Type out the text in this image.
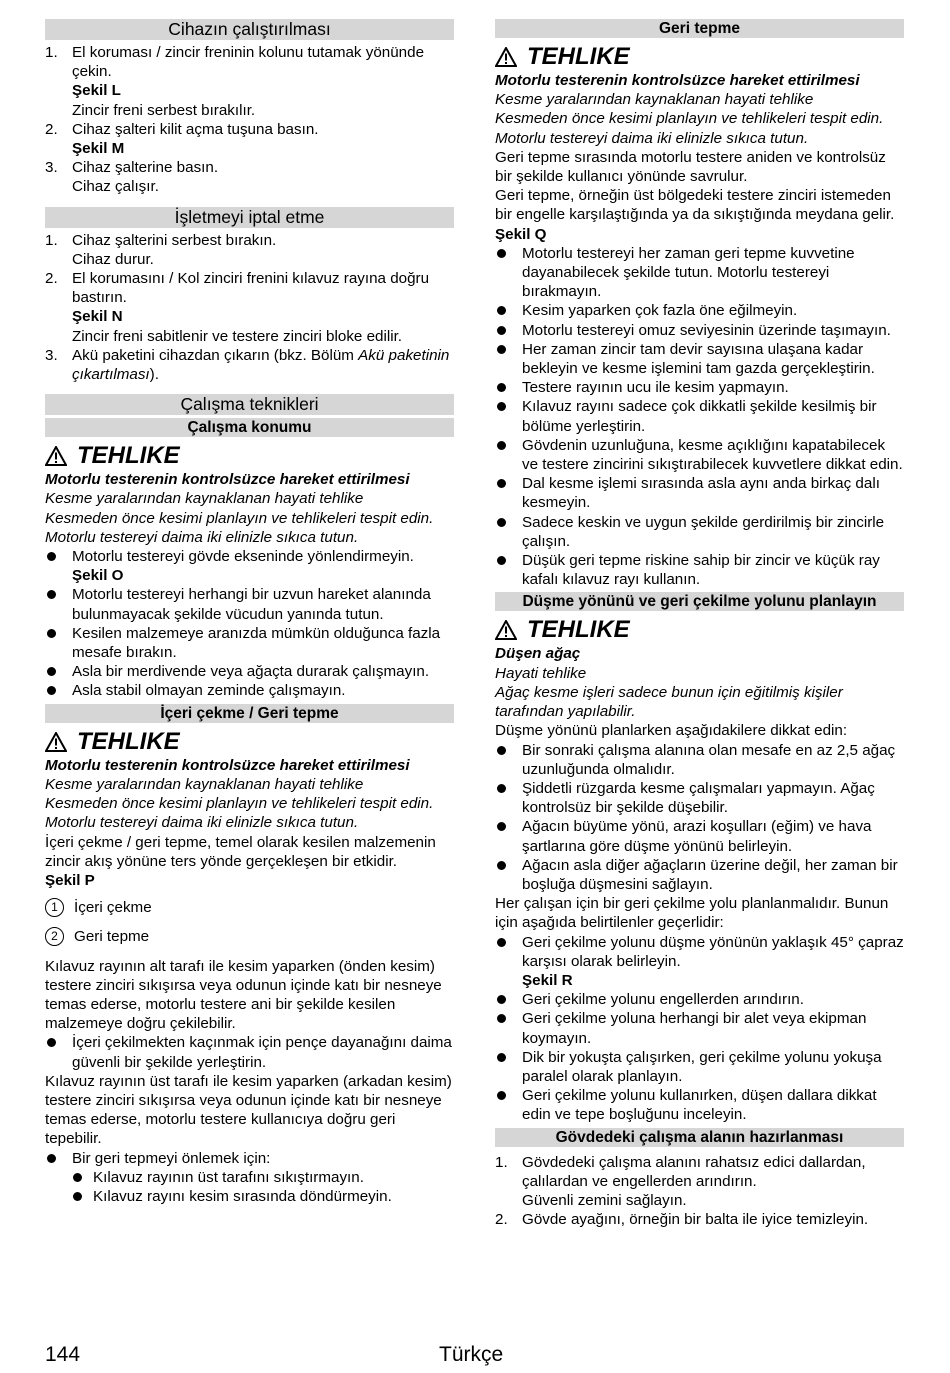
Cihazın çalıştırılması
1. El koruması / zincir freninin kolunu tutamak yönünde çekin.
Şekil L
Zincir freni serbest bırakılır.
2. Cihaz şalteri kilit açma tuşuna basın.
Şekil M
3. Cihaz şalterine basın.
Cihaz çalışır.
İşletmeyi iptal etme
1. Cihaz şalterini serbest bırakın.
Cihaz durur.
2. El korumasını / Kol zinciri frenini kılavuz rayına doğru bastırın.
Şekil N
Zincir freni sabitlenir ve testere zinciri bloke edilir.
3. Akü paketini cihazdan çıkarın (bkz. Bölüm Akü paketinin çıkartılması).
Çalışma teknikleri
Çalışma konumu
TEHLIKE
Motorlu testerenin kontrolsüzce hareket ettirilmesi
Kesme yaralarından kaynaklanan hayati tehlike
Kesmeden önce kesimi planlayın ve tehlikeleri tespit edin.
Motorlu testereyi daima iki elinizle sıkıca tutun.
Motorlu testereyi gövde ekseninde yönlendirmeyin.
Şekil O
Motorlu testereyi herhangi bir uzvun hareket alanında bulunmayacak şekilde vücudun yanında tutun.
Kesilen malzemeye aranızda mümkün olduğunca fazla mesafe bırakın.
Asla bir merdivende veya ağaçta durarak çalışmayın.
Asla stabil olmayan zeminde çalışmayın.
İçeri çekme / Geri tepme
TEHLIKE
Motorlu testerenin kontrolsüzce hareket ettirilmesi
Kesme yaralarından kaynaklanan hayati tehlike
Kesmeden önce kesimi planlayın ve tehlikeleri tespit edin.
Motorlu testereyi daima iki elinizle sıkıca tutun.
İçeri çekme / geri tepme, temel olarak kesilen malzemenin zincir akış yönüne ters yönde gerçekleşen bir etkidir.
Şekil P
1	İçeri çekme
2	Geri tepme
Kılavuz rayının alt tarafı ile kesim yaparken (önden kesim) testere zinciri sıkışırsa veya odunun içinde katı bir nesneye temas ederse, motorlu testere ani bir şekilde kesilen malzemeye doğru çekilebilir.
İçeri çekilmekten kaçınmak için pençe dayanağını daima güvenli bir şekilde yerleştirin.
Kılavuz rayının üst tarafı ile kesim yaparken (arkadan kesim) testere zinciri sıkışırsa veya odunun içinde katı bir nesneye temas ederse, motorlu testere kullanıcıya doğru geri tepebilir.
Bir geri tepmeyi önlemek için:
Kılavuz rayının üst tarafını sıkıştırmayın.
Kılavuz rayını kesim sırasında döndürmeyin.
Geri tepme
TEHLIKE
Motorlu testerenin kontrolsüzce hareket ettirilmesi
Kesme yaralarından kaynaklanan hayati tehlike
Kesmeden önce kesimi planlayın ve tehlikeleri tespit edin.
Motorlu testereyi daima iki elinizle sıkıca tutun.
Geri tepme sırasında motorlu testere aniden ve kontrolsüz bir şekilde kullanıcı yönünde savrulur.
Geri tepme, örneğin üst bölgedeki testere zinciri istemeden bir engelle karşılaştığında ya da sıkıştığında meydana gelir.
Şekil Q
Motorlu testereyi her zaman geri tepme kuvvetine dayanabilecek şekilde tutun. Motorlu testereyi bırakmayın.
Kesim yaparken çok fazla öne eğilmeyin.
Motorlu testereyi omuz seviyesinin üzerinde taşımayın.
Her zaman zincir tam devir sayısına ulaşana kadar bekleyin ve kesme işlemini tam gazda gerçekleştirin.
Testere rayının ucu ile kesim yapmayın.
Kılavuz rayını sadece çok dikkatli şekilde kesilmiş bir bölüme yerleştirin.
Gövdenin uzunluğuna, kesme açıklığını kapatabilecek ve testere zincirini sıkıştırabilecek kuvvetlere dikkat edin.
Dal kesme işlemi sırasında asla aynı anda birkaç dalı kesmeyin.
Sadece keskin ve uygun şekilde gerdirilmiş bir zincirle çalışın.
Düşük geri tepme riskine sahip bir zincir ve küçük ray kafalı kılavuz rayı kullanın.
Düşme yönünü ve geri çekilme yolunu planlayın
TEHLIKE
Düşen ağaç
Hayati tehlike
Ağaç kesme işleri sadece bunun için eğitilmiş kişiler tarafından yapılabilir.
Düşme yönünü planlarken aşağıdakilere dikkat edin:
Bir sonraki çalışma alanına olan mesafe en az 2,5 ağaç uzunluğunda olmalıdır.
Şiddetli rüzgarda kesme çalışmaları yapmayın. Ağaç kontrolsüz bir şekilde düşebilir.
Ağacın büyüme yönü, arazi koşulları (eğim) ve hava şartlarına göre düşme yönünü belirleyin.
Ağacın asla diğer ağaçların üzerine değil, her zaman bir boşluğa düşmesini sağlayın.
Her çalışan için bir geri çekilme yolu planlanmalıdır. Bunun için aşağıda belirtilenler geçerlidir:
Geri çekilme yolunu düşme yönünün yaklaşık 45° çapraz karşısı olarak belirleyin.
Şekil R
Geri çekilme yolunu engellerden arındırın.
Geri çekilme yoluna herhangi bir alet veya ekipman koymayın.
Dik bir yokuşta çalışırken, geri çekilme yolunu yokuşa paralel olarak planlayın.
Geri çekilme yolunu kullanırken, düşen dallara dikkat edin ve tepe boşluğunu inceleyin.
Gövdedeki çalışma alanın hazırlanması
1. Gövdedeki çalışma alanını rahatsız edici dallardan, çalılardan ve engellerden arındırın.
Güvenli zemini sağlayın.
2. Gövde ayağını, örneğin bir balta ile iyice temizleyin.
144	Türkçe
